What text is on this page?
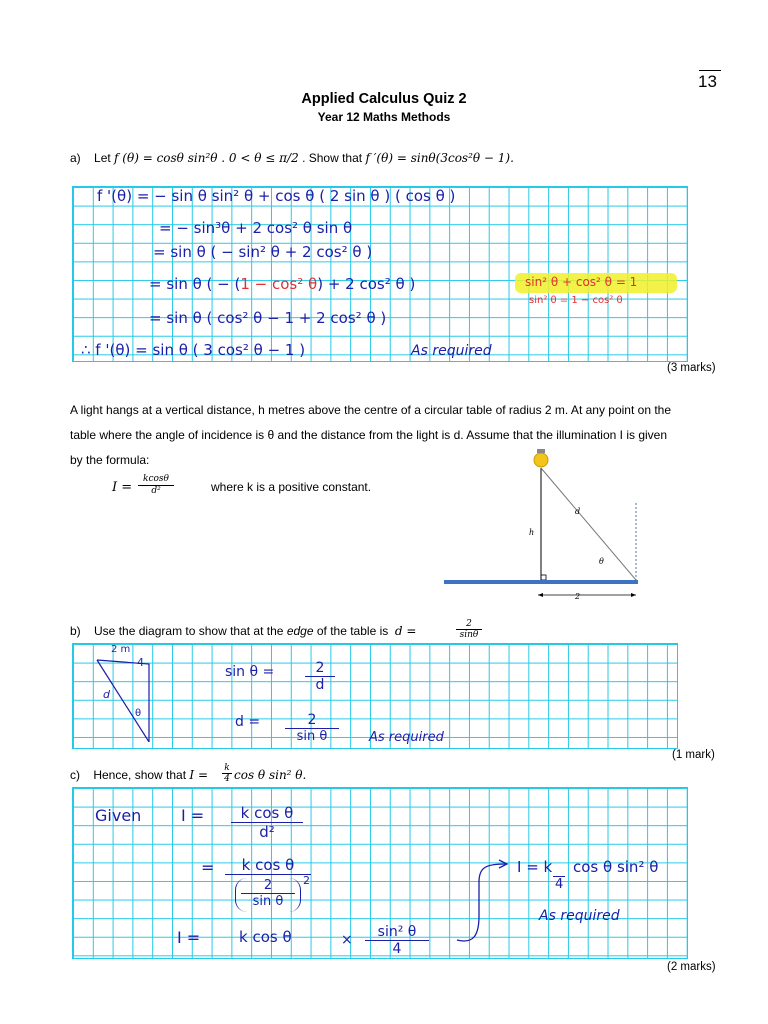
13
Applied Calculus Quiz 2
Year 12 Maths Methods
a) Let f (θ) = cosθ sin²θ . 0 < θ ≤ π/2 . Show that f ′(θ) = sinθ(3cos²θ − 1).
f '(θ) = − sin θ sin² θ + cos θ ( 2 sin θ ) ( cos θ )
= − sin³θ + 2 cos² θ sin θ
= sin θ ( − sin² θ + 2 cos² θ )
= sin θ ( − (1 − cos² θ) + 2 cos² θ )
= sin θ ( cos² θ − 1 + 2 cos² θ )
∴ f '(θ) = sin θ ( 3 cos² θ − 1 )	As required
sin² θ + cos² θ = 1
sin² θ = 1 − cos² θ
(3 marks)
A light hangs at a vertical distance, h metres above the centre of a circular table of radius 2 m. At any point on the
table where the angle of incidence is θ and the distance from the light is d. Assume that the illumination I is given
by the formula:
$I = \frac{kcos\theta}{\text{d²}}$	where k is a positive constant.
h
d
θ
2
b) Use the diagram to show that at the edge of the table is d =	$\frac{2}{\sin\theta}$
2 m
4
d
θ
$\sin \theta = \frac{2}{d}$
$d = \frac{2}{\text{sin θ}}$ As required
(1 mark)
c) Hence, show that $I = \frac{k}{4}$ cos θ sin² θ.
Given $I = \frac{\text{k cos θ}}{\text{d²}}$
=	k cos θ
$\frac{2}{\text{sin θ}} 2$
I =	k cos θ	× $\frac{\text{sin² θ}}{4}$
I = k
4
cos θ sin² θ
As required
(2 marks)
